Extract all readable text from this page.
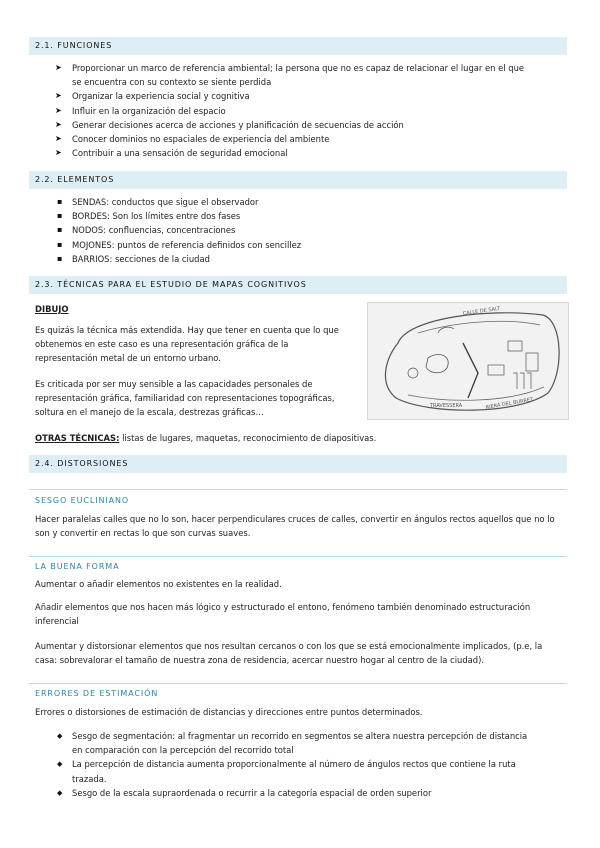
2.1. FUNCIONES
➤ Proporcionar un marco de referencia ambiental; la persona que no es capaz de relacionar el lugar en el que se encuentra con su contexto se siente perdida
➤ Organizar la experiencia social y cognitiva
➤ Influir en la organización del espacio
➤ Generar decisiones acerca de acciones y planificación de secuencias de acción
➤ Conocer dominios no espaciales de experiencia del ambiente
➤ Contribuir a una sensación de seguridad emocional
2.2. ELEMENTOS
▪ SENDAS: conductos que sigue el observador
▪ BORDES: Son los límites entre dos fases
▪ NODOS: confluencias, concentraciones
▪ MOJONES: puntos de referencia definidos con sencillez
▪ BARRIOS: secciones de la ciudad
2.3. TÉCNICAS PARA EL ESTUDIO DE MAPAS COGNITIVOS
DIBUJO
Es quizás la técnica más extendida. Hay que tener en cuenta que lo que obtenemos en este caso es una representación gráfica de la representación metal de un entorno urbano.
Es criticada por ser muy sensible a las capacidades personales de representación gráfica, familiaridad con representaciones topográficas, soltura en el manejo de la escala, destrezas gráficas…
OTRAS TÉCNICAS: listas de lugares, maquetas, reconocimiento de diapositivas.
CALLE DE SALT
TRAVESSERA	RIERA DEL BURRET
2.4. DISTORSIONES
SESGO EUCLINIANO
Hacer paralelas calles que no lo son, hacer perpendiculares cruces de calles, convertir en ángulos rectos aquellos que no lo son y convertir en rectas lo que son curvas suaves.
LA BUENA FORMA
Aumentar o añadir elementos no existentes en la realidad.
Añadir elementos que nos hacen más lógico y estructurado el entono, fenómeno también denominado estructuración inferencial
Aumentar y distorsionar elementos que nos resultan cercanos o con los que se está emocionalmente implicados, (p.e, la casa: sobrevalorar el tamaño de nuestra zona de residencia, acercar nuestro hogar al centro de la ciudad).
ERRORES DE ESTIMACIÓN
Errores o distorsiones de estimación de distancias y direcciones entre puntos determinados.
◆ Sesgo de segmentación: al fragmentar un recorrido en segmentos se altera nuestra percepción de distancia en comparación con la percepción del recorrido total
◆ La percepción de distancia aumenta proporcionalmente al número de ángulos rectos que contiene la ruta trazada.
◆ Sesgo de la escala supraordenada o recurrir a la categoría espacial de orden superior
